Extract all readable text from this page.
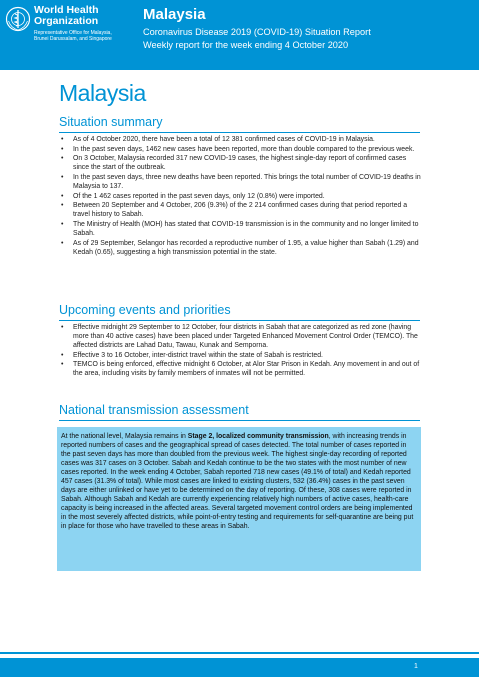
World Health Organization
Representative Office for Malaysia, Brunei Darussalam, and Singapore
Malaysia
Coronavirus Disease 2019 (COVID-19) Situation Report
Weekly report for the week ending 4 October 2020
Malaysia
Situation summary
• As of 4 October 2020, there have been a total of 12 381 confirmed cases of COVID-19 in Malaysia.
• In the past seven days, 1462 new cases have been reported, more than double compared to the previous week.
• On 3 October, Malaysia recorded 317 new COVID-19 cases, the highest single-day report of confirmed cases since the start of the outbreak.
• In the past seven days, three new deaths have been reported. This brings the total number of COVID-19 deaths in Malaysia to 137.
• Of the 1 462 cases reported in the past seven days, only 12 (0.8%) were imported.
• Between 20 September and 4 October, 206 (9.3%) of the 2 214 confirmed cases during that period reported a travel history to Sabah.
• The Ministry of Health (MOH) has stated that COVID-19 transmission is in the community and no longer limited to Sabah.
• As of 29 September, Selangor has recorded a reproductive number of 1.95, a value higher than Sabah (1.29) and Kedah (0.65), suggesting a high transmission potential in the state.
Upcoming events and priorities
• Effective midnight 29 September to 12 October, four districts in Sabah that are categorized as red zone (having more than 40 active cases) have been placed under Targeted Enhanced Movement Control Order (TEMCO). The affected districts are Lahad Datu, Tawau, Kunak and Semporna.
• Effective 3 to 16 October, inter-district travel within the state of Sabah is restricted.
• TEMCO is being enforced, effective midnight 6 October, at Alor Star Prison in Kedah. Any movement in and out of the area, including visits by family members of inmates will not be permitted.
National transmission assessment
At the national level, Malaysia remains in Stage 2, localized community transmission, with increasing trends in reported numbers of cases and the geographical spread of cases detected. The total number of cases reported in the past seven days has more than doubled from the previous week. The highest single-day recording of reported cases was 317 cases on 3 October. Sabah and Kedah continue to be the two states with the most number of new cases reported. In the week ending 4 October, Sabah reported 718 new cases (49.1% of total) and Kedah reported 457 cases (31.3% of total). While most cases are linked to existing clusters, 532 (36.4%) cases in the past seven days are either unlinked or have yet to be determined on the day of reporting. Of these, 308 cases were reported in Sabah. Although Sabah and Kedah are currently experiencing relatively high numbers of active cases, health-care capacity is being increased in the affected areas. Several targeted movement control orders are being implemented in the most severely affected districts, while point-of-entry testing and requirements for self-quarantine are being put in place for those who have travelled to these areas in Sabah.
1
